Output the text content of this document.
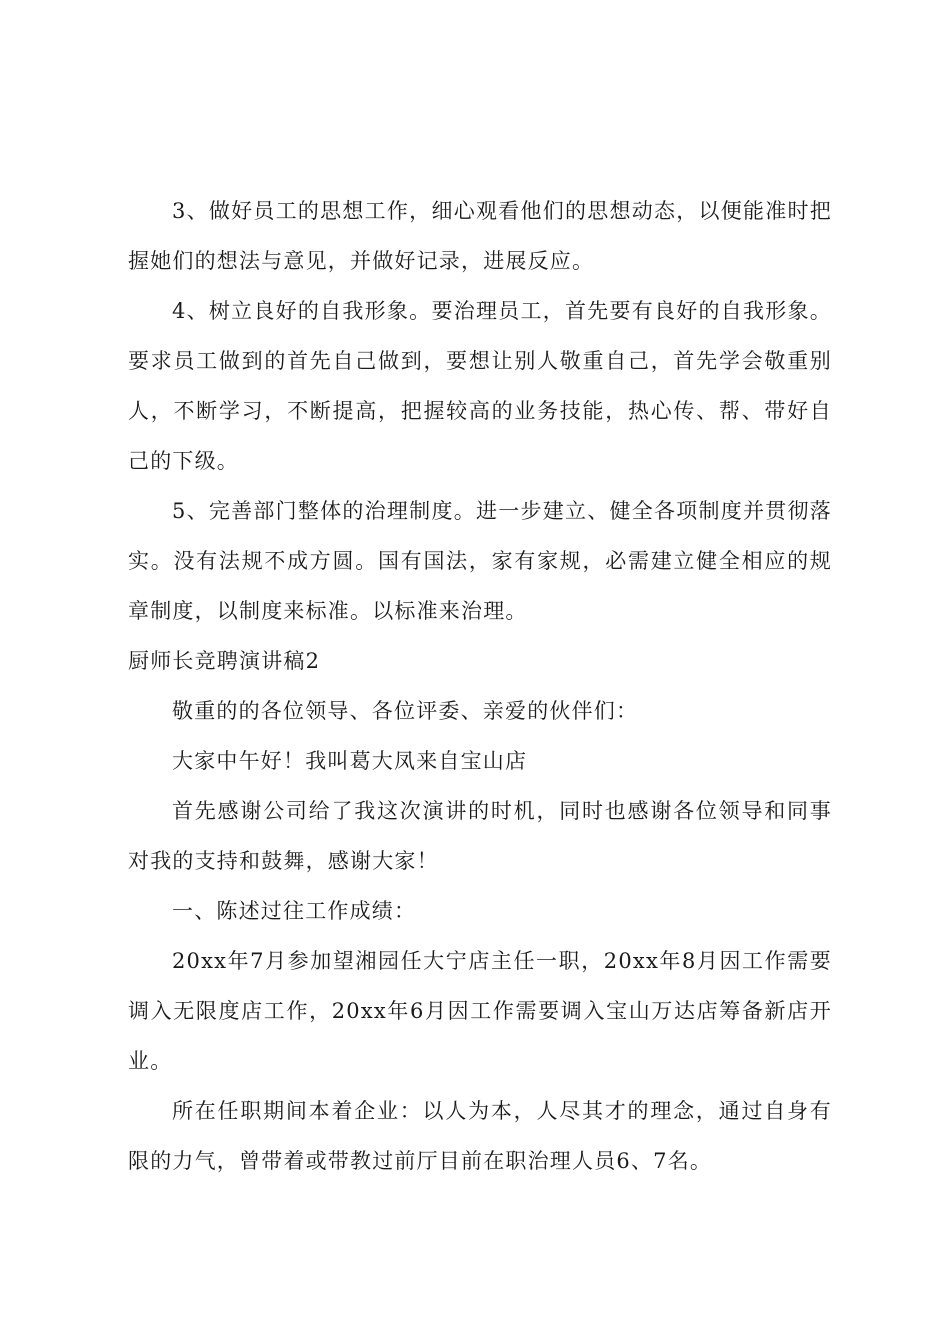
3、做好员工的思想工作，细心观看他们的思想动态，以便能准时把握她们的想法与意见，并做好记录，进展反应。

4、树立良好的自我形象。要治理员工，首先要有良好的自我形象。要求员工做到的首先自己做到，要想让别人敬重自己，首先学会敬重别人，不断学习，不断提高，把握较高的业务技能，热心传、帮、带好自己的下级。

5、完善部门整体的治理制度。进一步建立、健全各项制度并贯彻落实。没有法规不成方圆。国有国法，家有家规，必需建立健全相应的规章制度，以制度来标准。以标准来治理。

厨师长竞聘演讲稿2

敬重的的各位领导、各位评委、亲爱的伙伴们：

大家中午好！我叫葛大凤来自宝山店

首先感谢公司给了我这次演讲的时机，同时也感谢各位领导和同事对我的支持和鼓舞，感谢大家！

一、陈述过往工作成绩：

20xx年7月参加望湘园任大宁店主任一职，20xx年8月因工作需要调入无限度店工作，20xx年6月因工作需要调入宝山万达店筹备新店开业。

所在任职期间本着企业：以人为本，人尽其才的理念，通过自身有限的力气，曾带着或带教过前厅目前在职治理人员6、7名。
